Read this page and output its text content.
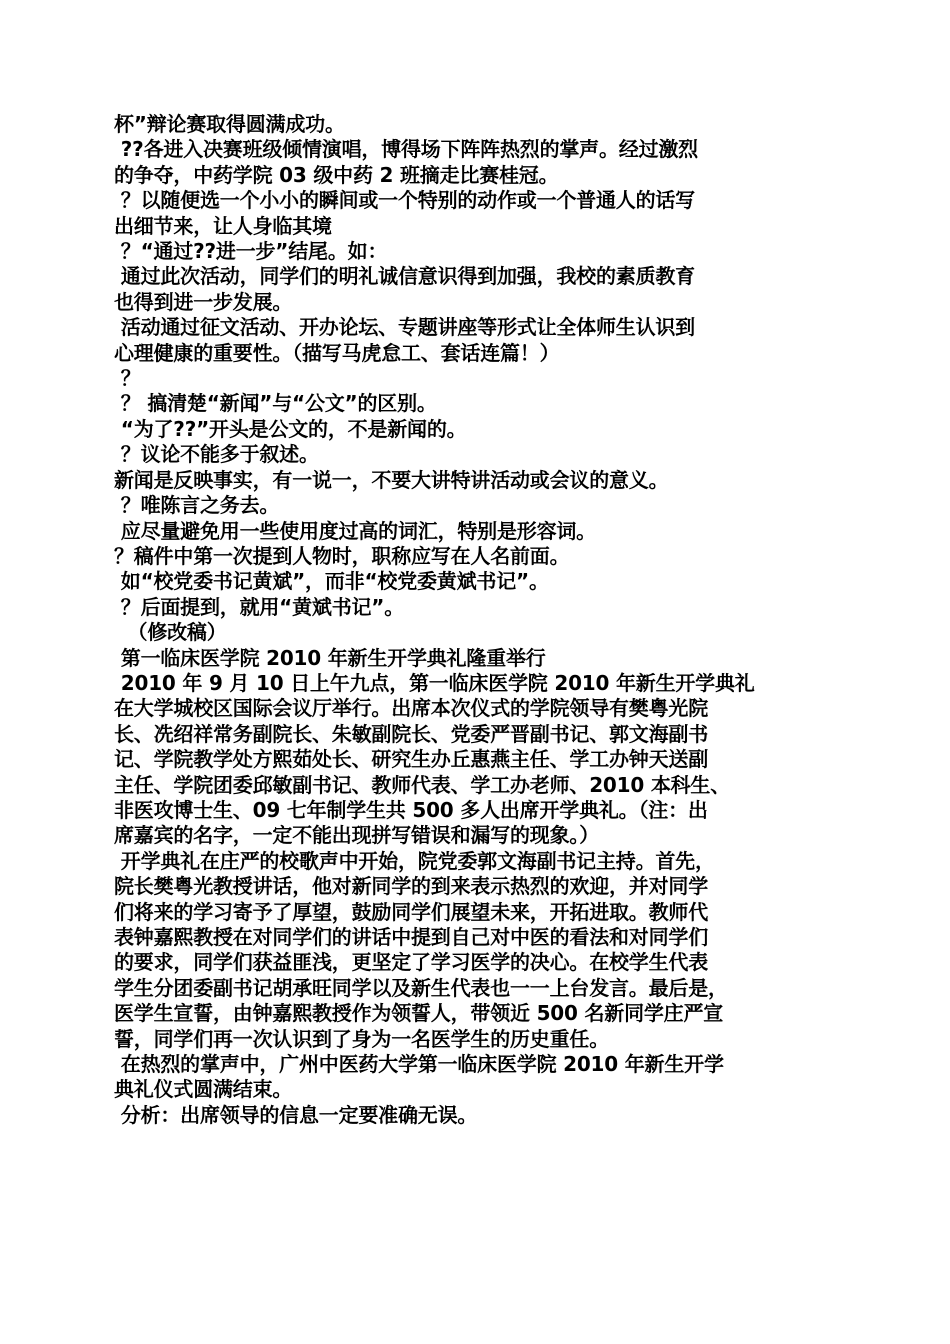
杯”辩论赛取得圆满成功。
??各进入决赛班级倾情演唱，博得场下阵阵热烈的掌声。经过激烈
的争夺，中药学院 03 级中药 2 班摘走比赛桂冠。
？以随便选一个小小的瞬间或一个特别的动作或一个普通人的话写
出细节来，让人身临其境
？“通过??进一步”结尾。如：
通过此次活动，同学们的明礼诚信意识得到加强，我校的素质教育
也得到进一步发展。
活动通过征文活动、开办论坛、专题讲座等形式让全体师生认识到
心理健康的重要性。（描写马虎怠工、套话连篇！）
？
？ 搞清楚“新闻”与“公文”的区别。
“为了??”开头是公文的，不是新闻的。
？议论不能多于叙述。
新闻是反映事实，有一说一，不要大讲特讲活动或会议的意义。
？唯陈言之务去。
应尽量避免用一些使用度过高的词汇，特别是形容词。
？稿件中第一次提到人物时，职称应写在人名前面。
如“校党委书记黄斌”，而非“校党委黄斌书记”。
？后面提到，就用“黄斌书记”。
（修改稿）
第一临床医学院 2010 年新生开学典礼隆重举行
2010 年 9 月 10 日上午九点，第一临床医学院 2010 年新生开学典礼
在大学城校区国际会议厅举行。出席本次仪式的学院领导有樊粤光院
长、冼绍祥常务副院长、朱敏副院长、党委严晋副书记、郭文海副书
记、学院教学处方熙茹处长、研究生办丘惠燕主任、学工办钟天送副
主任、学院团委邱敏副书记、教师代表、学工办老师、2010 本科生、
非医攻博士生、09 七年制学生共 500 多人出席开学典礼。（注：出
席嘉宾的名字，一定不能出现拼写错误和漏写的现象。）
开学典礼在庄严的校歌声中开始，院党委郭文海副书记主持。首先，
院长樊粤光教授讲话，他对新同学的到来表示热烈的欢迎，并对同学
们将来的学习寄予了厚望，鼓励同学们展望未来，开拓进取。教师代
表钟嘉熙教授在对同学们的讲话中提到自己对中医的看法和对同学们
的要求，同学们获益匪浅，更坚定了学习医学的决心。在校学生代表
学生分团委副书记胡承旺同学以及新生代表也一一上台发言。最后是，
医学生宣誓，由钟嘉熙教授作为领誓人，带领近 500 名新同学庄严宣
誓，同学们再一次认识到了身为一名医学生的历史重任。
在热烈的掌声中，广州中医药大学第一临床医学院 2010 年新生开学
典礼仪式圆满结束。
分析：出席领导的信息一定要准确无误。
